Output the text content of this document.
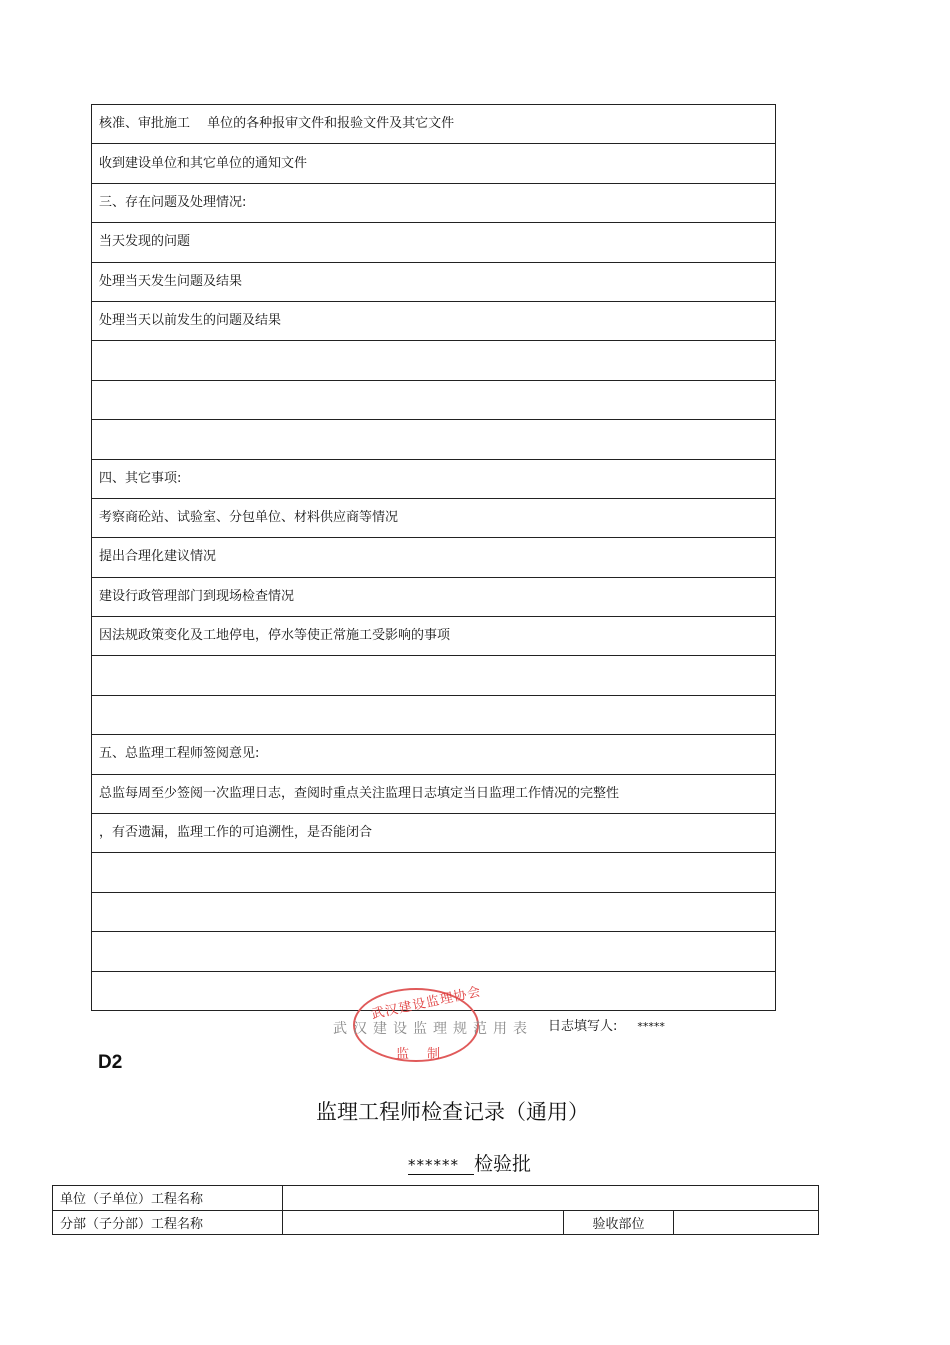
核准、审批施工　 单位的各种报审文件和报验文件及其它文件
收到建设单位和其它单位的通知文件
三、存在问题及处理情况:
当天发现的问题
处理当天发生问题及结果
处理当天以前发生的问题及结果

四、其它事项:
考察商砼站、试验室、分包单位、材料供应商等情况
提出合理化建议情况
建设行政管理部门到现场检查情况
因法规政策变化及工地停电，停水等使正常施工受影响的事项

五、总监理工程师签阅意见:
总监每周至少签阅一次监理日志，查阅时重点关注监理日志填定当日监理工作情况的完整性
，有否遗漏，监理工作的可追溯性，是否能闭合

武汉建设监理协会
武汉建设监理规范用表
监制
日志填写人: *****
D2
监理工程师检查记录（通用）
****** 检验批
单位（子单位）工程名称			
分部（子分部）工程名称		验收部位	
